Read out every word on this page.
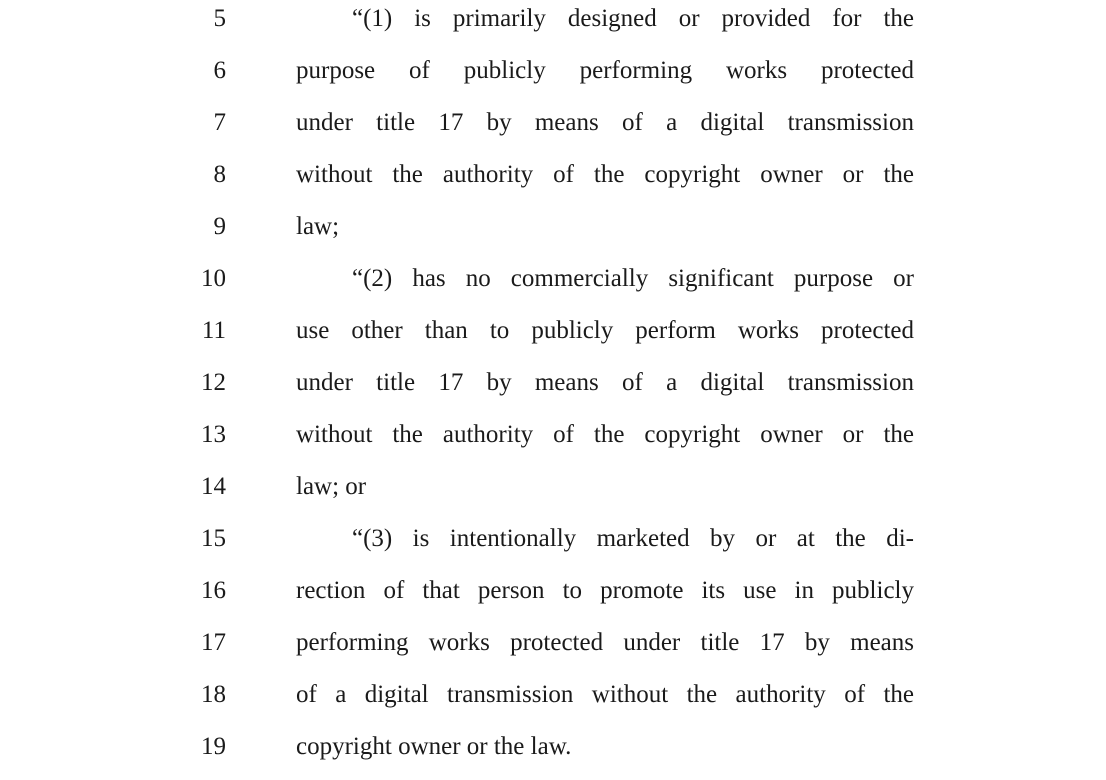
5	“(1) is primarily designed or provided for the
6	purpose of publicly performing works protected
7	under title 17 by means of a digital transmission
8	without the authority of the copyright owner or the
9	law;
10	“(2) has no commercially significant purpose or
11	use other than to publicly perform works protected
12	under title 17 by means of a digital transmission
13	without the authority of the copyright owner or the
14	law; or
15	“(3) is intentionally marketed by or at the di-
16	rection of that person to promote its use in publicly
17	performing works protected under title 17 by means
18	of a digital transmission without the authority of the
19	copyright owner or the law.
